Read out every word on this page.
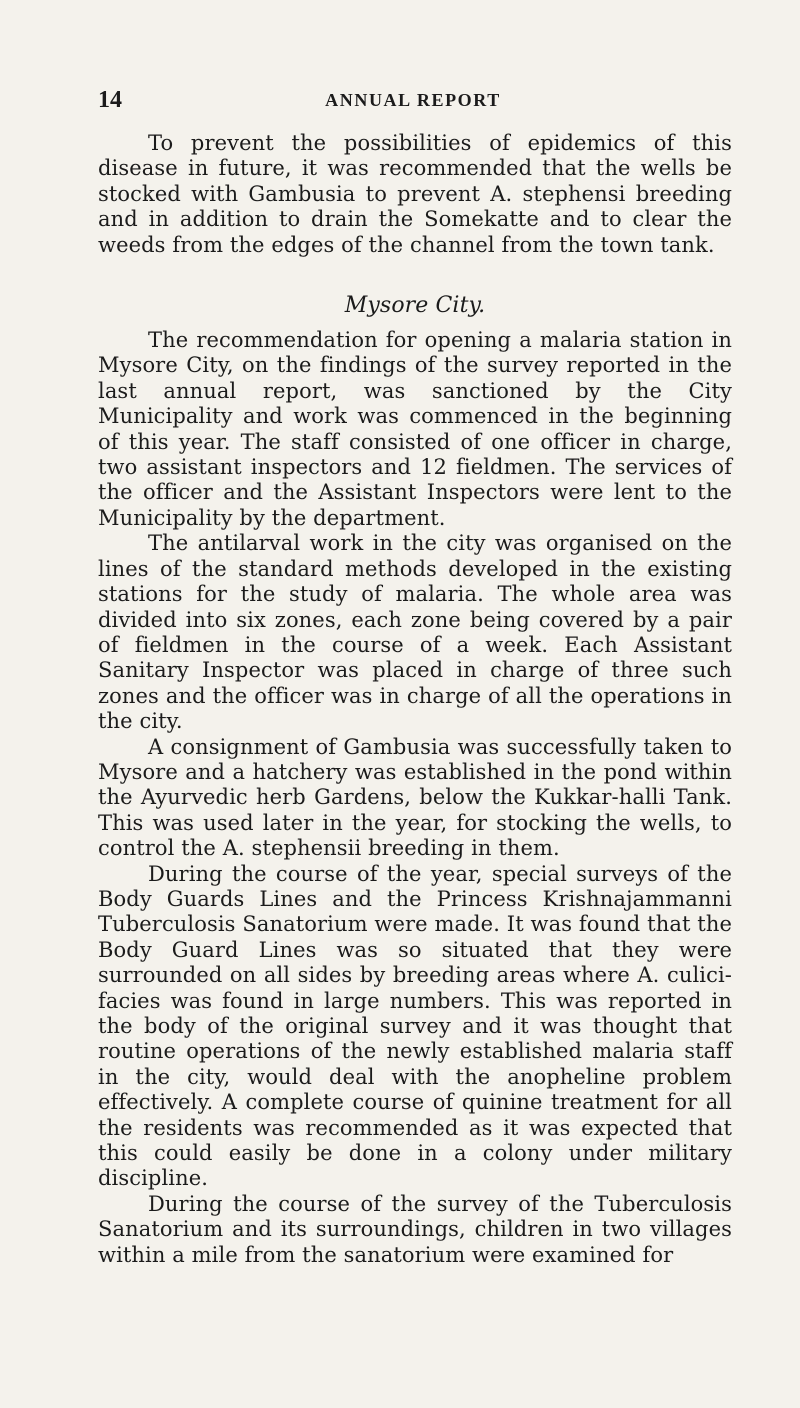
14	ANNUAL REPORT

To prevent the possibilities of epidemics of this disease in future, it was recommended that the wells be stocked with Gambusia to prevent A. stephensi breeding and in addition to drain the Somekatte and to clear the weeds from the edges of the channel from the town tank.

Mysore City.

The recommendation for opening a malaria station in Mysore City, on the findings of the survey reported in the last annual report, was sanctioned by the City Municipality and work was commenced in the beginning of this year. The staff consisted of one officer in charge, two assistant inspectors and 12 fieldmen. The services of the officer and the Assistant Inspectors were lent to the Municipality by the department.

The antilarval work in the city was organised on the lines of the standard methods developed in the existing stations for the study of malaria. The whole area was divided into six zones, each zone being covered by a pair of fieldmen in the course of a week. Each Assistant Sanitary Inspector was placed in charge of three such zones and the officer was in charge of all the operations in the city.

A consignment of Gambusia was successfully taken to Mysore and a hatchery was established in the pond within the Ayurvedic herb Gardens, below the Kukkar-halli Tank. This was used later in the year, for stocking the wells, to control the A. stephensii breeding in them.

During the course of the year, special surveys of the Body Guards Lines and the Princess Krishnajammanni Tuberculosis Sanatorium were made. It was found that the Body Guard Lines was so situated that they were surrounded on all sides by breeding areas where A. culici-facies was found in large numbers. This was reported in the body of the original survey and it was thought that routine operations of the newly established malaria staff in the city, would deal with the anopheline problem effectively. A complete course of quinine treatment for all the residents was recommended as it was expected that this could easily be done in a colony under military discipline.

During the course of the survey of the Tuberculosis Sanatorium and its surroundings, children in two villages within a mile from the sanatorium were examined for
